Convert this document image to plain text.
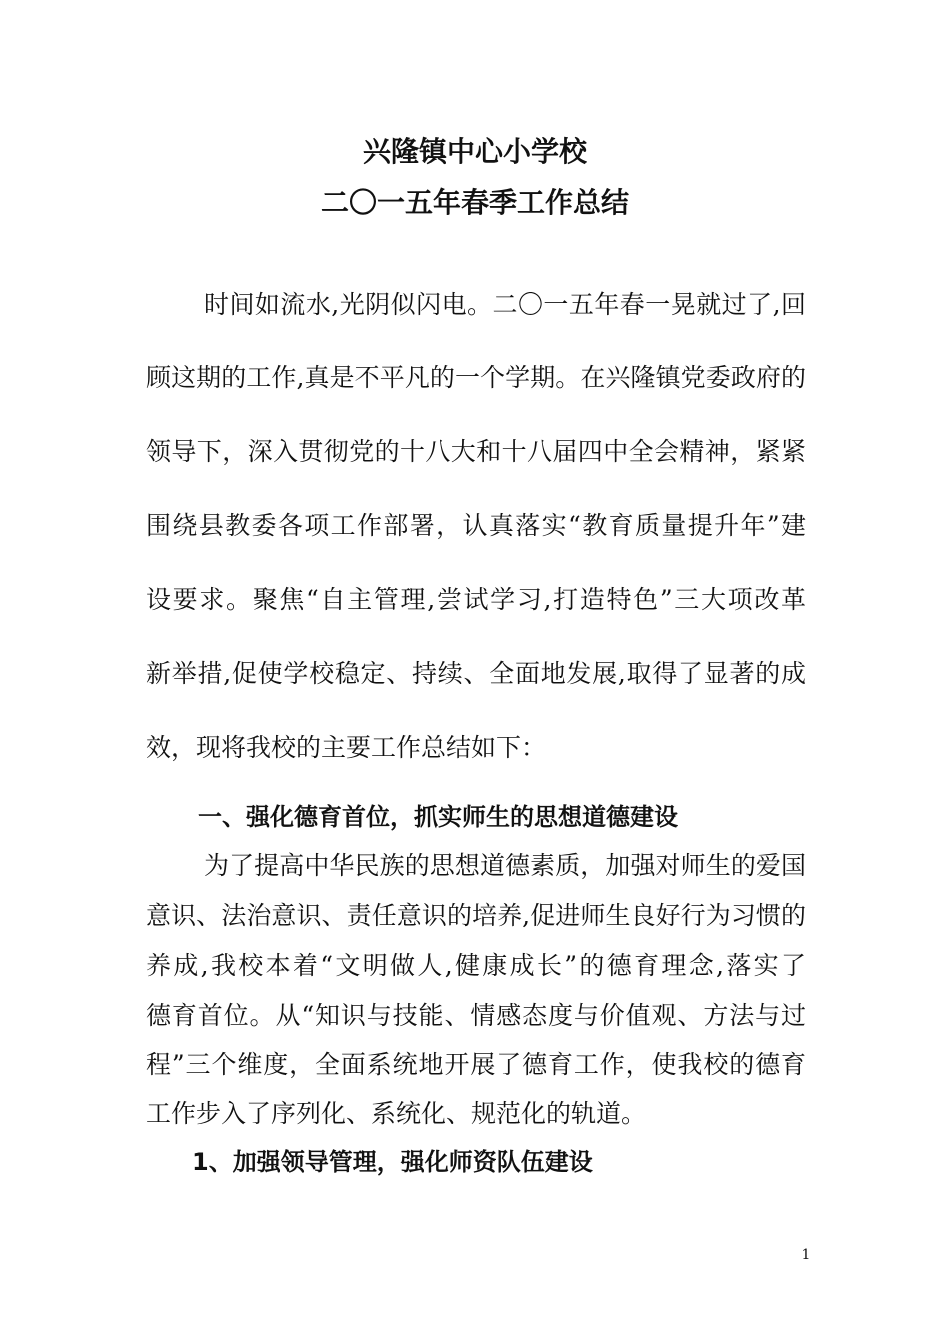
兴隆镇中心小学校
二〇一五年春季工作总结
时间如流水,光阴似闪电。二〇一五年春一晃就过了,回
顾这期的工作,真是不平凡的一个学期。在兴隆镇党委政府的
领导下，深入贯彻党的十八大和十八届四中全会精神，紧紧
围绕县教委各项工作部署，认真落实“教育质量提升年”建
设要求。聚焦“自主管理,尝试学习,打造特色”三大项改革
新举措,促使学校稳定、持续、全面地发展,取得了显著的成
效，现将我校的主要工作总结如下：
一、强化德育首位，抓实师生的思想道德建设
为了提高中华民族的思想道德素质，加强对师生的爱国
意识、法治意识、责任意识的培养,促进师生良好行为习惯的
养成,我校本着“文明做人,健康成长”的德育理念,落实了
德育首位。从“知识与技能、情感态度与价值观、方法与过
程”三个维度，全面系统地开展了德育工作，使我校的德育
工作步入了序列化、系统化、规范化的轨道。
1、加强领导管理，强化师资队伍建设
1
